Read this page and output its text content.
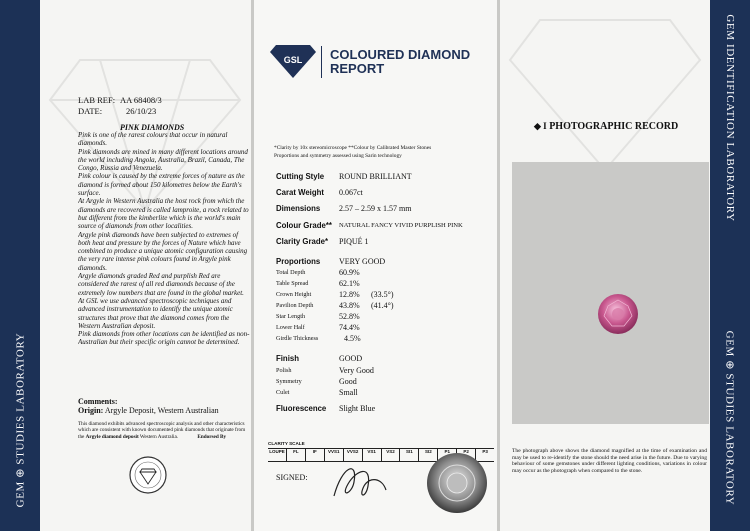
GEM ⊕ STUDIES LABORATORY
GEM IDENTIFICATION LABORATORY
GEM ⊕ STUDIES LABORATORY
LAB REF: AA 68408/3
DATE:	26/10/23
PINK DIAMONDS

Pink is one of the rarest colours that occur in natural diamonds.

Pink diamonds are mined in many different locations around the world including Angola, Australia, Brazil, Canada, The Congo, Russia and Venezuela.

Pink colour is caused by the extreme forces of nature as the diamond is formed about 150 kilometres below the Earth's surface.

At Argyle in Western Australia the host rock from which the diamonds are recovered is called lamproite, a rock related to but different from the kimberlite which is the world's main source of diamonds from other localities.

Argyle pink diamonds have been subjected to extremes of both heat and pressure by the forces of Nature which have combined to produce a unique atomic configuration causing the very rare intense pink colours found in Argyle pink diamonds.

Argyle diamonds graded Red and purplish Red are considered the rarest of all red diamonds because of the extremely low numbers that are found in the global market.

At GSL we use advanced spectroscopic techniques and advanced instrumentation to identify the unique atomic structures that prove that the diamond comes from the Western Australian deposit.

Pink diamonds from other locations can be identified as non-Australian but their specific origin cannot be determined.

Comments:
Origin: Argyle Deposit, Western Australian
This diamond exhibits advanced spectroscopic analysis and other characteristics which are consistent with known documented pink diamonds that originate from the Argyle diamond deposit Western Australia.	Endorsed By
GSL COLOURED DIAMOND
REPORT
*Clarity by 10x stereomicroscope **Colour by Calibrated Master Stones
Proportions and symmetry assessed using Sarin technology
Cutting Style ROUND BRILLIANT
Carat Weight 0.067ct
Dimensions 2.57 – 2.59 x 1.57 mm
Colour Grade** NATURAL FANCY VIVID PURPLISH PINK
Clarity Grade* PIQUÉ 1
Proportions VERY GOOD
Total Depth	60.9%
Table Spread	62.1%
Crown Height	12.8% (33.5°)
Pavilion Depth	43.8% (41.4°)
Star Length	52.8%
Lower Half	74.4%
Girdle Thickness	4.5%
Finish	GOOD
Polish	Very Good
Symmetry	Good
Culet	Small
Fluorescence Slight Blue
CLARITY SCALE
LOUPE	FL	IF	VVS1	VVS2	VS1	VS2	SI1	SI2	P1	P2	P3
SIGNED:
◆ I PHOTOGRAPHIC RECORD
The photograph above shows the diamond magnified at the time of examination and may be used to re-identify the stone should the need arise in the future. Due to varying behaviour of some gemstones under different lighting conditions, variations in colour may occur as the photograph when compared to the stone.
